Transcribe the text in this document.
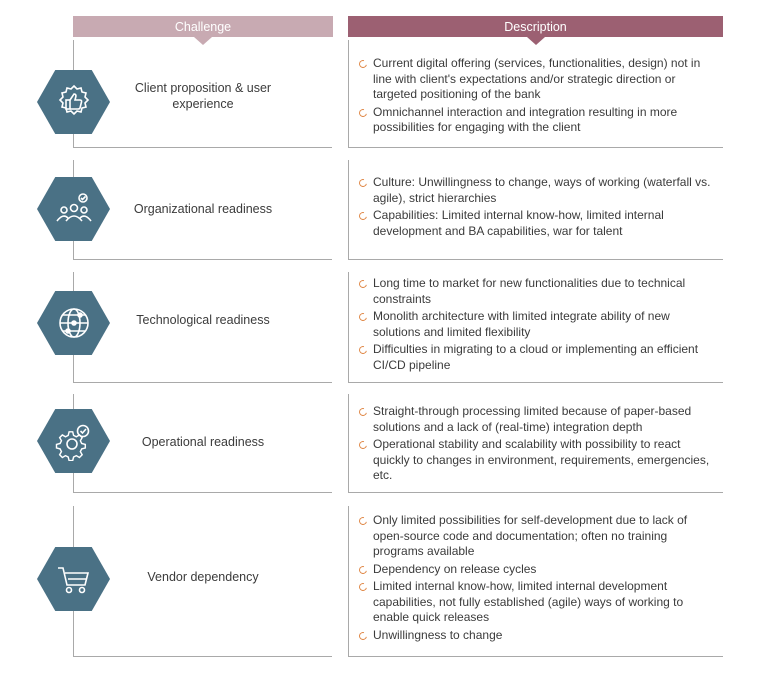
Challenge	Description
Client proposition & user experience
Current digital offering (services, functionalities, design) not in line with client's expectations and/or strategic direction or targeted positioning of the bank
Omnichannel interaction and integration resulting in more possibilities for engaging with the client
Organizational readiness
Culture: Unwillingness to change, ways of working (waterfall vs. agile), strict hierarchies
Capabilities: Limited internal know-how, limited internal development and BA capabilities, war for talent
Technological readiness
Long time to market for new functionalities due to technical constraints
Monolith architecture with limited integrate ability of new solutions and limited flexibility
Difficulties in migrating to a cloud or implementing an efficient CI/CD pipeline
Operational readiness
Straight-through processing limited because of paper-based solutions and a lack of (real-time) integration depth
Operational stability and scalability with possibility to react quickly to changes in environment, requirements, emergencies, etc.
Vendor dependency
Only limited possibilities for self-development due to lack of open-source code and documentation; often no training programs available
Dependency on release cycles
Limited internal know-how, limited internal development capabilities, not fully established (agile) ways of working to enable quick releases
Unwillingness to change
